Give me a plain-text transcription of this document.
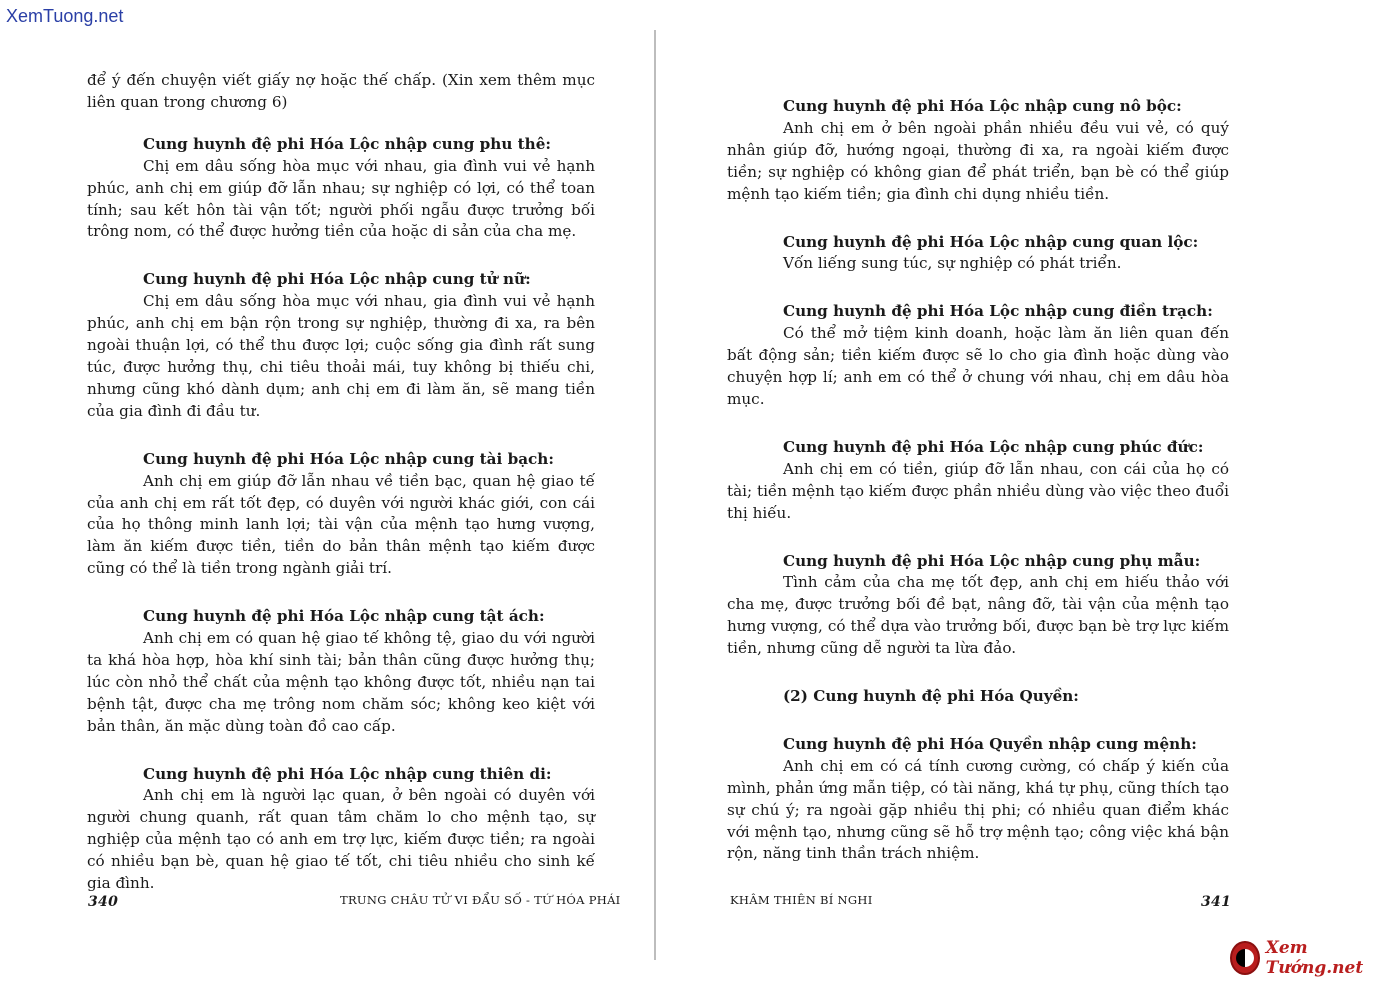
XemTuong.net

để ý đến chuyện viết giấy nợ hoặc thế chấp. (Xin xem thêm mục liên quan trong chương 6)

Cung huynh đệ phi Hóa Lộc nhập cung phu thê:

Chị em dâu sống hòa mục với nhau, gia đình vui vẻ hạnh phúc, anh chị em giúp đỡ lẫn nhau; sự nghiệp có lợi, có thể toan tính; sau kết hôn tài vận tốt; người phối ngẫu được trưởng bối trông nom, có thể được hưởng tiền của hoặc di sản của cha mẹ.

Cung huynh đệ phi Hóa Lộc nhập cung tử nữ:

Chị em dâu sống hòa mục với nhau, gia đình vui vẻ hạnh phúc, anh chị em bận rộn trong sự nghiệp, thường đi xa, ra bên ngoài thuận lợi, có thể thu được lợi; cuộc sống gia đình rất sung túc, được hưởng thụ, chi tiêu thoải mái, tuy không bị thiếu chi, nhưng cũng khó dành dụm; anh chị em đi làm ăn, sẽ mang tiền của gia đình đi đầu tư.

Cung huynh đệ phi Hóa Lộc nhập cung tài bạch:

Anh chị em giúp đỡ lẫn nhau về tiền bạc, quan hệ giao tế của anh chị em rất tốt đẹp, có duyên với người khác giới, con cái của họ thông minh lanh lợi; tài vận của mệnh tạo hưng vượng, làm ăn kiếm được tiền, tiền do bản thân mệnh tạo kiếm được cũng có thể là tiền trong ngành giải trí.

Cung huynh đệ phi Hóa Lộc nhập cung tật ách:

Anh chị em có quan hệ giao tế không tệ, giao du với người ta khá hòa hợp, hòa khí sinh tài; bản thân cũng được hưởng thụ; lúc còn nhỏ thể chất của mệnh tạo không được tốt, nhiều nạn tai bệnh tật, được cha mẹ trông nom chăm sóc; không keo kiệt với bản thân, ăn mặc dùng toàn đồ cao cấp.

Cung huynh đệ phi Hóa Lộc nhập cung thiên di:

Anh chị em là người lạc quan, ở bên ngoài có duyên với người chung quanh, rất quan tâm chăm lo cho mệnh tạo, sự nghiệp của mệnh tạo có anh em trợ lực, kiếm được tiền; ra ngoài có nhiều bạn bè, quan hệ giao tế tốt, chi tiêu nhiều cho sinh kế gia đình.

340	TRUNG CHÂU TỬ VI ĐẨU SỐ - TỨ HÓA PHÁI
Cung huynh đệ phi Hóa Lộc nhập cung nô bộc:

Anh chị em ở bên ngoài phần nhiều đều vui vẻ, có quý nhân giúp đỡ, hướng ngoại, thường đi xa, ra ngoài kiếm được tiền; sự nghiệp có không gian để phát triển, bạn bè có thể giúp mệnh tạo kiếm tiền; gia đình chi dụng nhiều tiền.

Cung huynh đệ phi Hóa Lộc nhập cung quan lộc:

Vốn liếng sung túc, sự nghiệp có phát triển.

Cung huynh đệ phi Hóa Lộc nhập cung điền trạch:

Có thể mở tiệm kinh doanh, hoặc làm ăn liên quan đến bất động sản; tiền kiếm được sẽ lo cho gia đình hoặc dùng vào chuyện hợp lí; anh em có thể ở chung với nhau, chị em dâu hòa mục.

Cung huynh đệ phi Hóa Lộc nhập cung phúc đức:

Anh chị em có tiền, giúp đỡ lẫn nhau, con cái của họ có tài; tiền mệnh tạo kiếm được phần nhiều dùng vào việc theo đuổi thị hiếu.

Cung huynh đệ phi Hóa Lộc nhập cung phụ mẫu:

Tình cảm của cha mẹ tốt đẹp, anh chị em hiếu thảo với cha mẹ, được trưởng bối đề bạt, nâng đỡ, tài vận của mệnh tạo hưng vượng, có thể dựa vào trưởng bối, được bạn bè trợ lực kiếm tiền, nhưng cũng dễ người ta lừa đảo.

(2) Cung huynh đệ phi Hóa Quyền:
Cung huynh đệ phi Hóa Quyền nhập cung mệnh:

Anh chị em có cá tính cương cường, có chấp ý kiến của mình, phản ứng mẫn tiệp, có tài năng, khá tự phụ, cũng thích tạo sự chú ý; ra ngoài gặp nhiều thị phi; có nhiều quan điểm khác với mệnh tạo, nhưng cũng sẽ hỗ trợ mệnh tạo; công việc khá bận rộn, năng tinh thần trách nhiệm.

KHÂM THIÊN BÍ NGHI	341
Xem Tướng.net
